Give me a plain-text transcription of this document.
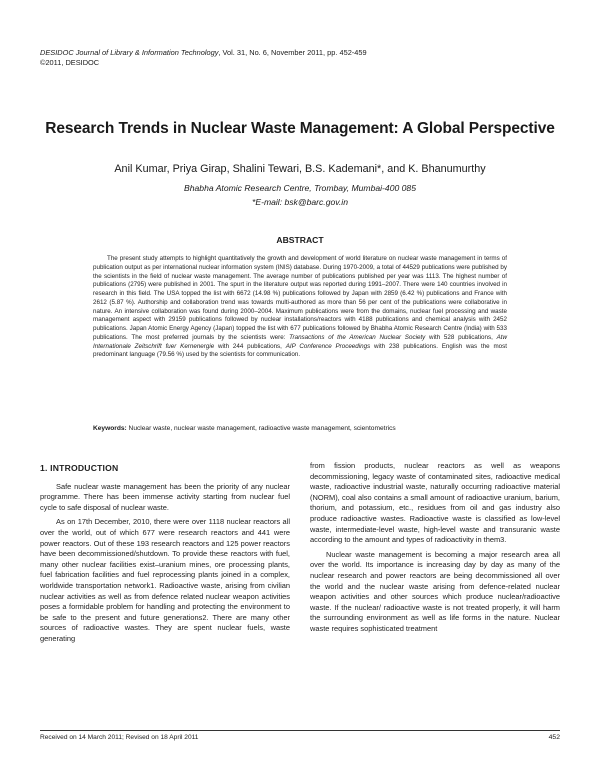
DESIDOC Journal of Library & Information Technology, Vol. 31, No. 6, November 2011, pp. 452-459
©2011, DESIDOC
Research Trends in Nuclear Waste Management: A Global Perspective
Anil Kumar, Priya Girap, Shalini Tewari, B.S. Kademani*, and K. Bhanumurthy
Bhabha Atomic Research Centre, Trombay, Mumbai-400 085
*E-mail: bsk@barc.gov.in
ABSTRACT

The present study attempts to highlight quantitatively the growth and development of world literature on nuclear waste management in terms of publication output as per international nuclear information system (INIS) database. During 1970-2009, a total of 44529 publications were published by the scientists in the field of nuclear waste management. The average number of publications published per year was 1113. The highest number of publications (2795) were published in 2001. The spurt in the literature output was reported during 1991–2007. There were 140 countries involved in research in this field. The USA topped the list with 6672 (14.98 %) publications followed by Japan with 2859 (6.42 %) publications and France with 2612 (5.87 %). Authorship and collaboration trend was towards multi-authored as more than 56 per cent of the publications were collaborative in nature. An intensive collaboration was found during 2000–2004. Maximum publications were from the domains, nuclear fuel processing and waste management aspect with 29159 publications followed by nuclear installations/reactors with 4188 publications and chemical analysis with 2452 publications. Japan Atomic Energy Agency (Japan) topped the list with 677 publications followed by Bhabha Atomic Research Centre (India) with 533 publications. The most preferred journals by the scientists were: Transactions of the American Nuclear Society with 528 publications, Atw Internationale Zeitschrift fuer Kernenergie with 244 publications, AIP Conference Proceedings with 238 publications. English was the most predominant language (79.56 %) used by the scientists for communication.

Keywords: Nuclear waste, nuclear waste management, radioactive waste management, scientometrics
1. INTRODUCTION

Safe nuclear waste management has been the priority of any nuclear programme. There has been immense activity starting from nuclear fuel cycle to safe disposal of nuclear waste.

As on 17th December, 2010, there were over 1118 nuclear reactors all over the world, out of which 677 were research reactors and 441 were power reactors. Out of these 193 research reactors and 125 power reactors have been decommissioned/shutdown. To provide these reactors with fuel, many other nuclear facilities exist–uranium mines, ore processing plants, fuel fabrication facilities and fuel reprocessing plants joined in a complex, worldwide transportation network1. Radioactive waste, arising from civilian nuclear activities as well as from defence related nuclear weapon activities poses a formidable problem for handling and protecting the environment to be safe to the present and future generations2. There are many other sources of radioactive wastes. They are spent nuclear fuels, waste generating

from fission products, nuclear reactors as well as weapons decommissioning, legacy waste of contaminated sites, radioactive medical waste, radioactive industrial waste, naturally occurring radioactive material (NORM), coal also contains a small amount of radioactive uranium, barium, thorium, and potassium, etc., residues from oil and gas industry also produce radioactive wastes. Radioactive waste is classified as low-level waste, intermediate-level waste, high-level waste and transuranic waste according to the amount and types of radioactivity in them3.

Nuclear waste management is becoming a major research area all over the world. Its importance is increasing day by day as many of the nuclear research and power reactors are being decommissioned all over the world and the nuclear waste arising from defence-related nuclear weapon activities and other sources which produce nuclear/radioactive waste. If the nuclear/ radioactive waste is not treated properly, it will harm the surrounding environment as well as life forms in the nature. Nuclear waste requires sophisticated treatment

Received on 14 March 2011; Revised on 18 April 2011	452
